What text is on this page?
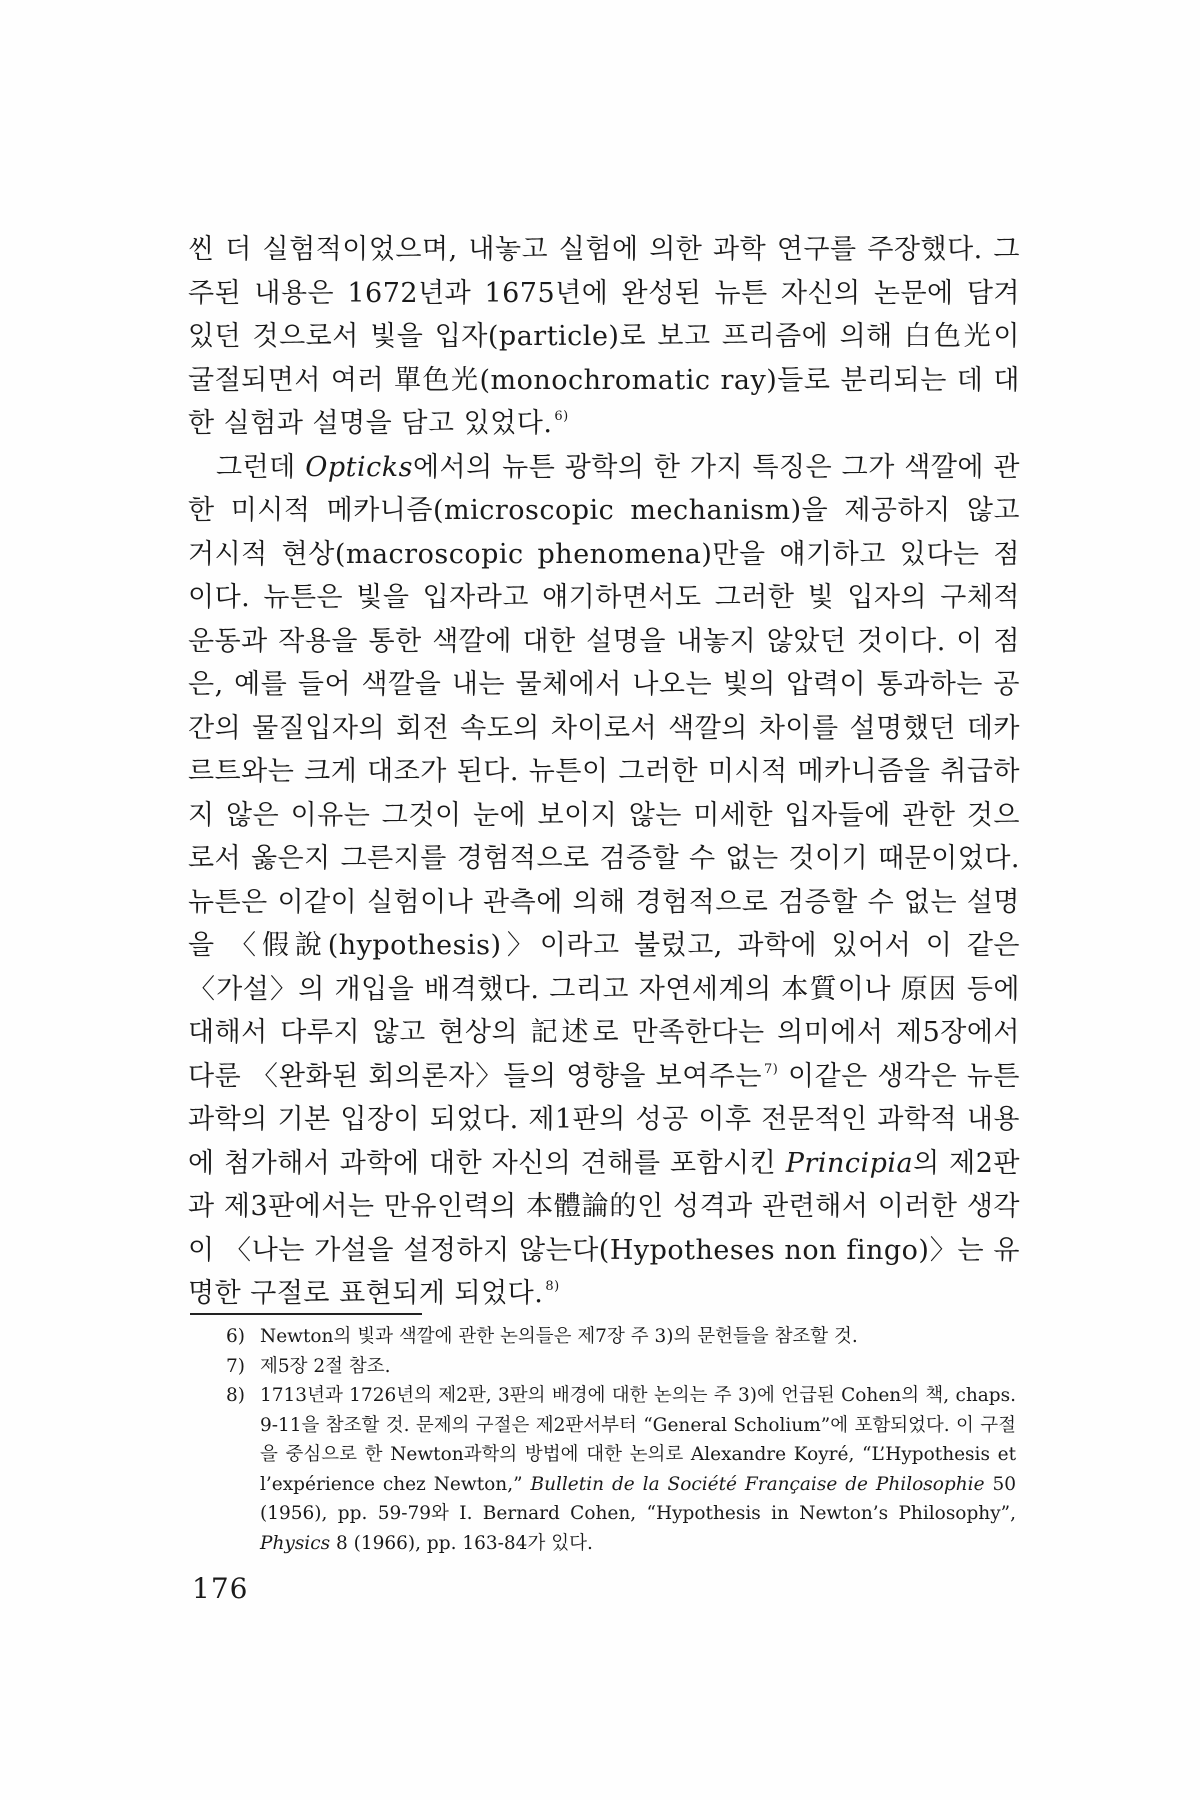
씬 더 실험적이었으며, 내놓고 실험에 의한 과학 연구를 주장했다. 그 주된 내용은 1672년과 1675년에 완성된 뉴튼 자신의 논문에 담겨 있던 것으로서 빛을 입자(particle)로 보고 프리즘에 의해 白色光이 굴절되면서 여러 單色光(monochromatic ray)들로 분리되는 데 대한 실험과 설명을 담고 있었다. $^{6)}$

그런데 Opticks에서의 뉴튼 광학의 한 가지 특징은 그가 색깔에 관한 미시적 메카니즘(microscopic mechanism)을 제공하지 않고 거시적 현상(macroscopic phenomena)만을 얘기하고 있다는 점이다. 뉴튼은 빛을 입자라고 얘기하면서도 그러한 빛 입자의 구체적 운동과 작용을 통한 색깔에 대한 설명을 내놓지 않았던 것이다. 이 점은, 예를 들어 색깔을 내는 물체에서 나오는 빛의 압력이 통과하는 공간의 물질입자의 회전 속도의 차이로서 색깔의 차이를 설명했던 데카르트와는 크게 대조가 된다. 뉴튼이 그러한 미시적 메카니즘을 취급하지 않은 이유는 그것이 눈에 보이지 않는 미세한 입자들에 관한 것으로서 옳은지 그른지를 경험적으로 검증할 수 없는 것이기 때문이었다. 뉴튼은 이같이 실험이나 관측에 의해 경험적으로 검증할 수 없는 설명을 〈假說(hypothesis)〉이라고 불렀고, 과학에 있어서 이 같은 〈가설〉의 개입을 배격했다. 그리고 자연세계의 本質이나 原因 등에 대해서 다루지 않고 현상의 記述로 만족한다는 의미에서 제5장에서 다룬 〈완화된 회의론자〉들의 영향을 보여주는 $^{7)}$ 이같은 생각은 뉴튼 과학의 기본 입장이 되었다. 제1판의 성공 이후 전문적인 과학적 내용에 첨가해서 과학에 대한 자신의 견해를 포함시킨 Principia의 제2판과 제3판에서는 만유인력의 本體論的인 성격과 관련해서 이러한 생각이 〈나는 가설을 설정하지 않는다(Hypotheses non fingo)〉는 유명한 구절로 표현되게 되었다. $^{8)}$

6) Newton의 빛과 색깔에 관한 논의들은 제7장 주 3)의 문헌들을 참조할 것.
7) 제5장 2절 참조.
8) 1713년과 1726년의 제2판, 3판의 배경에 대한 논의는 주 3)에 언급된 Cohen의 책, chaps. 9-11을 참조할 것. 문제의 구절은 제2판서부터 “General Scholium”에 포함되었다. 이 구절을 중심으로 한 Newton과학의 방법에 대한 논의로 Alexandre Koyré, “L’Hypothesis et l’expérience chez Newton,” Bulletin de la Société Française de Philosophie 50 (1956), pp. 59-79와 I. Bernard Cohen, “Hypothesis in Newton’s Philosophy”, Physics 8 (1966), pp. 163-84가 있다.
176
